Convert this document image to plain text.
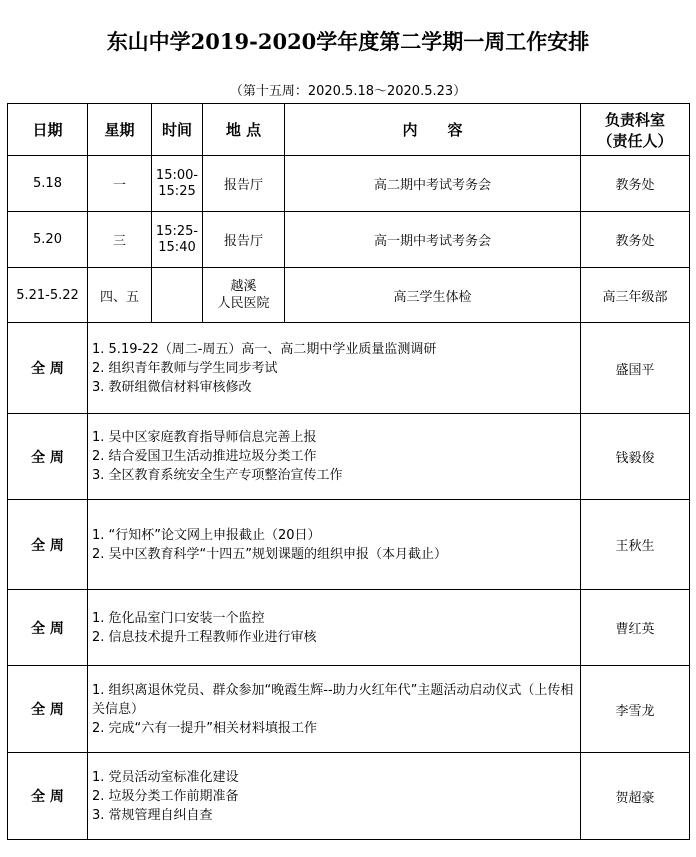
东山中学2019-2020学年度第二学期一周工作安排
（第十五周：2020.5.18～2020.5.23）
日期	星期	时间	地 点	内　　容	负责科室
（责任人）

5.18	一	15:00-
15:25	报告厅	高二期中考试考务会	教务处
5.20	三	15:25-
15:40	报告厅	高一期中考试考务会	教务处
5.21-5.22	四、五		越溪
人民医院	高三学生体检	高三年级部
全 周	1. 5.19-22（周二-周五）高一、高二期中学业质量监测调研
2. 组织青年教师与学生同步考试
3. 教研组微信材料审核修改				盛国平
全 周	1. 吴中区家庭教育指导师信息完善上报
2. 结合爱国卫生活动推进垃圾分类工作
3. 全区教育系统安全生产专项整治宣传工作				钱毅俊
全 周	1. “行知杯”论文网上申报截止（20日）
2. 吴中区教育科学“十四五”规划课题的组织申报（本月截止）				王秋生
全 周	1. 危化品室门口安装一个监控
2. 信息技术提升工程教师作业进行审核				曹红英
全 周	1. 组织离退休党员、群众参加“晚霞生辉--助力火红年代”主题活动启动仪式（上传相关信息）
2. 完成“六有一提升”相关材料填报工作				李雪龙
全 周	1. 党员活动室标准化建设
2. 垃圾分类工作前期准备
3. 常规管理自纠自查				贺超豪
